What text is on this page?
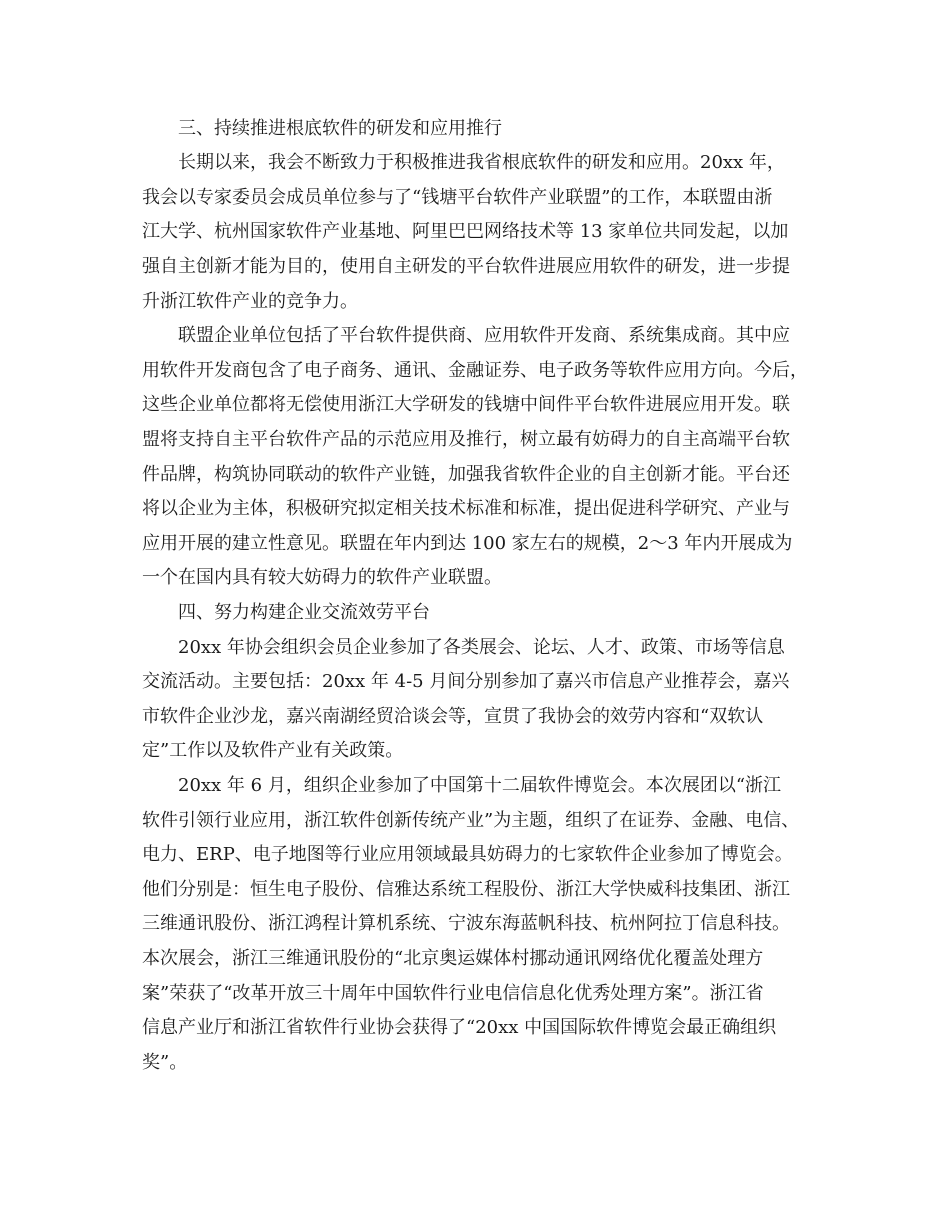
三、持续推进根底软件的研发和应用推行
长期以来，我会不断致力于积极推进我省根底软件的研发和应用。20xx 年，
我会以专家委员会成员单位参与了“钱塘平台软件产业联盟”的工作，本联盟由浙
江大学、杭州国家软件产业基地、阿里巴巴网络技术等 13 家单位共同发起，以加
强自主创新才能为目的，使用自主研发的平台软件进展应用软件的研发，进一步提
升浙江软件产业的竞争力。
联盟企业单位包括了平台软件提供商、应用软件开发商、系统集成商。其中应
用软件开发商包含了电子商务、通讯、金融证券、电子政务等软件应用方向。今后，
这些企业单位都将无偿使用浙江大学研发的钱塘中间件平台软件进展应用开发。联
盟将支持自主平台软件产品的示范应用及推行，树立最有妨碍力的自主高端平台软
件品牌，构筑协同联动的软件产业链，加强我省软件企业的自主创新才能。平台还
将以企业为主体，积极研究拟定相关技术标准和标准，提出促进科学研究、产业与
应用开展的建立性意见。联盟在年内到达 100 家左右的规模，2～3 年内开展成为
一个在国内具有较大妨碍力的软件产业联盟。
四、努力构建企业交流效劳平台
20xx 年协会组织会员企业参加了各类展会、论坛、人才、政策、市场等信息
交流活动。主要包括：20xx 年 4-5 月间分别参加了嘉兴市信息产业推荐会，嘉兴
市软件企业沙龙，嘉兴南湖经贸洽谈会等，宣贯了我协会的效劳内容和“双软认
定”工作以及软件产业有关政策。
20xx 年 6 月，组织企业参加了中国第十二届软件博览会。本次展团以“浙江
软件引领行业应用，浙江软件创新传统产业”为主题，组织了在证券、金融、电信、
电力、ERP、电子地图等行业应用领域最具妨碍力的七家软件企业参加了博览会。
他们分别是：恒生电子股份、信雅达系统工程股份、浙江大学快威科技集团、浙江
三维通讯股份、浙江鸿程计算机系统、宁波东海蓝帆科技、杭州阿拉丁信息科技。
本次展会，浙江三维通讯股份的“北京奥运媒体村挪动通讯网络优化覆盖处理方
案”荣获了“改革开放三十周年中国软件行业电信信息化优秀处理方案”。浙江省
信息产业厅和浙江省软件行业协会获得了“20xx 中国国际软件博览会最正确组织
奖”。
